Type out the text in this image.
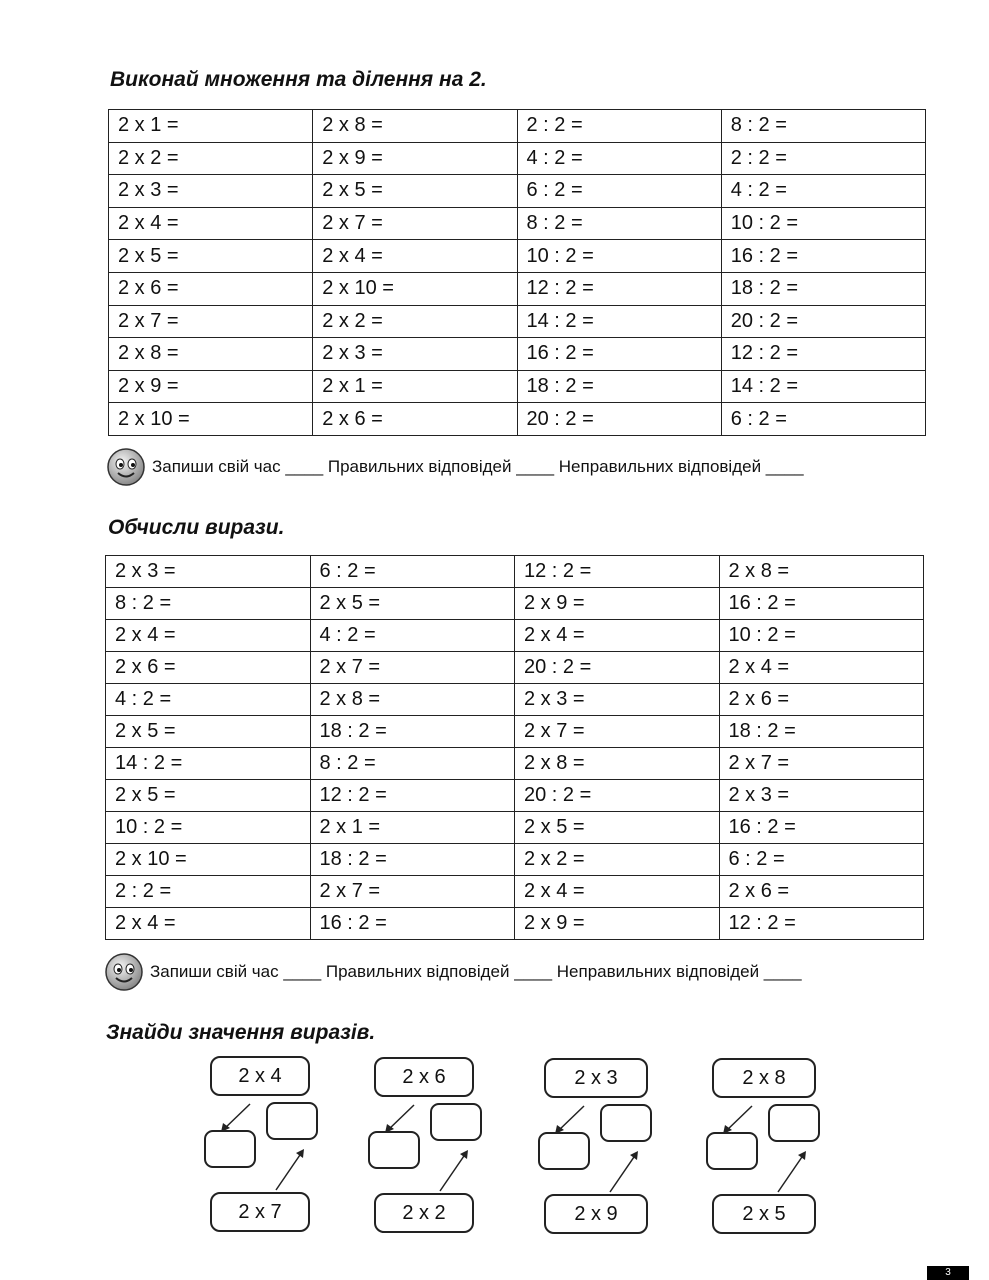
Виконай множення та ділення на 2.
2 x 1 =	2 x 8 =	2 : 2 =	8 : 2 =
2 x 2 =	2 x 9 =	4 : 2 =	2 : 2 =
2 x 3 =	2 x 5 =	6 : 2 =	4 : 2 =
2 x 4 =	2 x 7 =	8 : 2 =	10 : 2 =
2 x 5 =	2 x 4 =	10 : 2 =	16 : 2 =
2 x 6 =	2 x 10 =	12 : 2 =	18 : 2 =
2 x 7 =	2 x 2 =	14 : 2 =	20 : 2 =
2 x 8 =	2 x 3 =	16 : 2 =	12 : 2 =
2 x 9 =	2 x 1 =	18 : 2 =	14 : 2 =
2 x 10 =	2 x 6 =	20 : 2 =	6 : 2 =
Запиши свій час ____ Правильних відповідей ____ Неправильних відповідей ____
Обчисли вирази.
2 x 3 =	6 : 2 =	12 : 2 =	2 x 8 =
8 : 2 =	2 x 5 =	2 x 9 =	16 : 2 =
2 x 4 =	4 : 2 =	2 x 4 =	10 : 2 =
2 x 6 =	2 x 7 =	20 : 2 =	2 x 4 =
4 : 2 =	2 x 8 =	2 x 3 =	2 x 6 =
2 x 5 =	18 : 2 =	2 x 7 =	18 : 2 =
14 : 2 =	8 : 2 =	2 x 8 =	2 x 7 =
2 x 5 =	12 : 2 =	20 : 2 =	2 x 3 =
10 : 2 =	2 x 1 =	2 x 5 =	16 : 2 =
2 x 10 =	18 : 2 =	2 x 2 =	6 : 2 =
2 : 2 =	2 x 7 =	2 x 4 =	2 x 6 =
2 x 4 =	16 : 2 =	2 x 9 =	12 : 2 =
Запиши свій час ____ Правильних відповідей ____ Неправильних відповідей ____
Знайди значення виразів.
2 x 4
2 x 7
2 x 6
2 x 2
2 x 3
2 x 9
2 x 8
2 x 5
3
